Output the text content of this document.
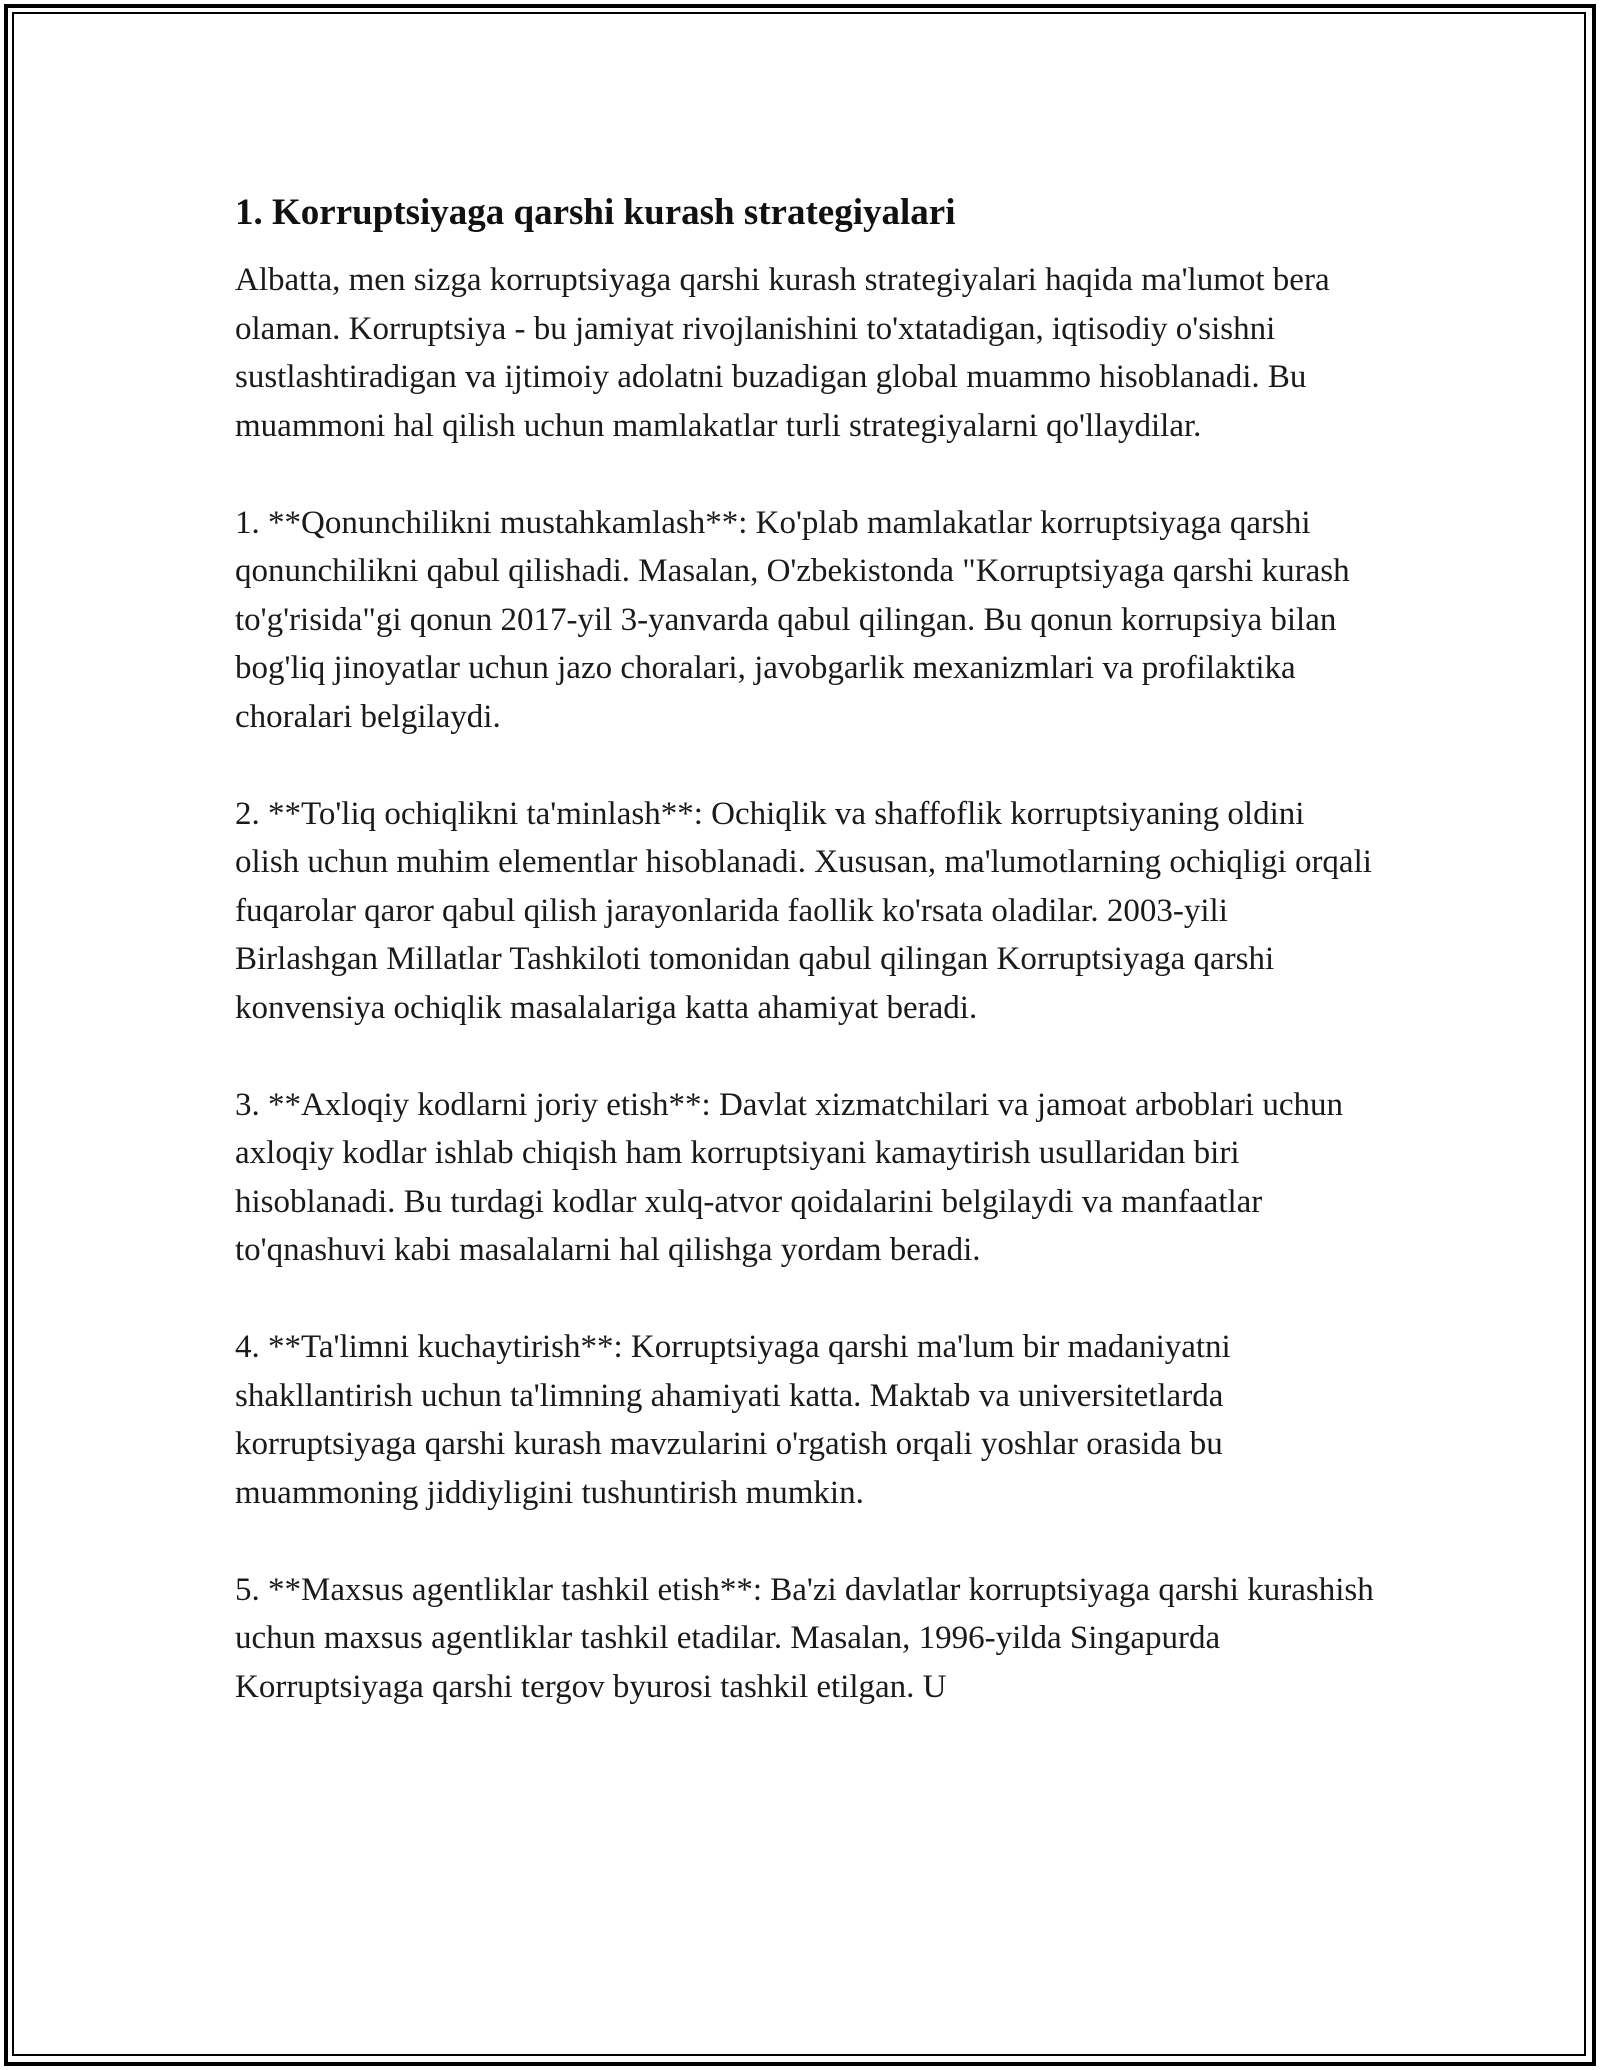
1. Korruptsiyaga qarshi kurash strategiyalari

Albatta, men sizga korruptsiyaga qarshi kurash strategiyalari haqida ma'lumot bera olaman. Korruptsiya - bu jamiyat rivojlanishini to'xtatadigan, iqtisodiy o'sishni sustlashtiradigan va ijtimoiy adolatni buzadigan global muammo hisoblanadi. Bu muammoni hal qilish uchun mamlakatlar turli strategiyalarni qo'llaydilar.

1. **Qonunchilikni mustahkamlash**: Ko'plab mamlakatlar korruptsiyaga qarshi qonunchilikni qabul qilishadi. Masalan, O'zbekistonda "Korruptsiyaga qarshi kurash to'g'risida"gi qonun 2017-yil 3-yanvarda qabul qilingan. Bu qonun korrupsiya bilan bog'liq jinoyatlar uchun jazo choralari, javobgarlik mexanizmlari va profilaktika choralari belgilaydi.

2. **To'liq ochiqlikni ta'minlash**: Ochiqlik va shaffoflik korruptsiyaning oldini olish uchun muhim elementlar hisoblanadi. Xususan, ma'lumotlarning ochiqligi orqali fuqarolar qaror qabul qilish jarayonlarida faollik ko'rsata oladilar. 2003-yili Birlashgan Millatlar Tashkiloti tomonidan qabul qilingan Korruptsiyaga qarshi konvensiya ochiqlik masalalariga katta ahamiyat beradi.

3. **Axloqiy kodlarni joriy etish**: Davlat xizmatchilari va jamoat arboblari uchun axloqiy kodlar ishlab chiqish ham korruptsiyani kamaytirish usullaridan biri hisoblanadi. Bu turdagi kodlar xulq-atvor qoidalarini belgilaydi va manfaatlar to'qnashuvi kabi masalalarni hal qilishga yordam beradi.

4. **Ta'limni kuchaytirish**: Korruptsiyaga qarshi ma'lum bir madaniyatni shakllantirish uchun ta'limning ahamiyati katta. Maktab va universitetlarda korruptsiyaga qarshi kurash mavzularini o'rgatish orqali yoshlar orasida bu muammoning jiddiyligini tushuntirish mumkin.

5. **Maxsus agentliklar tashkil etish**: Ba'zi davlatlar korruptsiyaga qarshi kurashish uchun maxsus agentliklar tashkil etadilar. Masalan, 1996-yilda Singapurda Korruptsiyaga qarshi tergov byurosi tashkil etilgan. U
